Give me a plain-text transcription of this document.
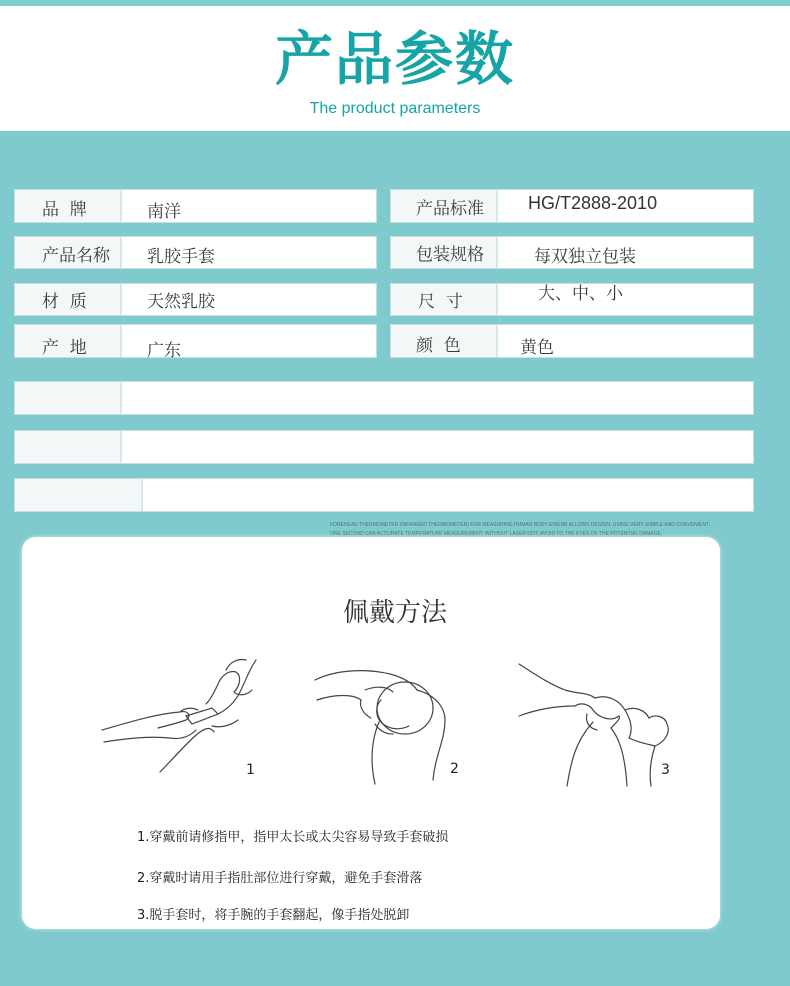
产品参数
The product parameters
品  牌	南洋	产品标准 HG/T2888-2010
产品名称 乳胶手套	包装规格	每双独立包装
材  质	天然乳胶	尺  寸	大、中、小
产  地	广东	颜  色	黄色
FOREHEAD THERMOMETER (INFRARED THERMOMETER) FOR MEASURING HUMAN BODY EWENB ALLOWS DESIGN, USING VERY SIMPLE AND CONVENIENT.
ONE SECOND CAN ACCURATE TEMPERATURE MEASUREMENT, WITHOUT LASER DOT, AVOID TO THE EYES OF THE POTENTIAL DAMAGE,
佩戴方法
1	2	3
1.穿戴前请修指甲，指甲太长或太尖容易导致手套破损
2.穿戴时请用手指肚部位进行穿戴，避免手套滑落
3.脱手套时，将手腕的手套翻起，像手指处脱卸
